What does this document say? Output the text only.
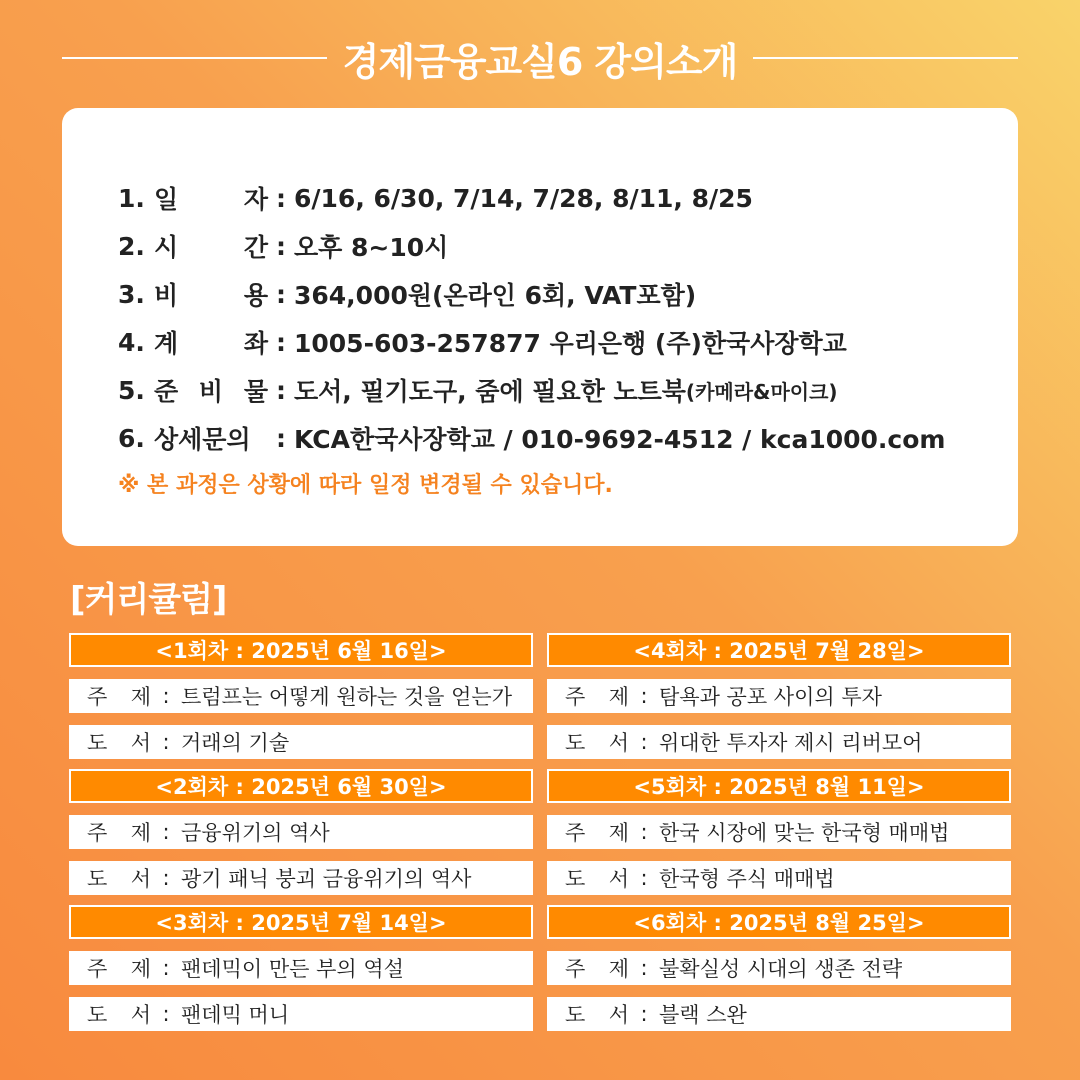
경제금융교실6 강의소개
1. 일	자 : 6/16, 6/30, 7/14, 7/28, 8/11, 8/25
2. 시	간 : 오후 8~10시
3. 비	용 : 364,000원(온라인 6회, VAT포함)
4. 계	좌 : 1005-603-257877 우리은행 (주)한국사장학교
5. 준 비 물 : 도서, 필기도구, 줌에 필요한 노트북 (카메라&마이크)
6. 상세문의	: KCA한국사장학교 / 010-9692-4512 / kca1000.com
※ 본 과정은 상황에 따라 일정 변경될 수 있습니다.
[커리큘럼]
<1회차 : 2025년 6월 16일>
주 제 : 트럼프는 어떻게 원하는 것을 얻는가
도 서 : 거래의 기술
<2회차 : 2025년 6월 30일>
주 제 : 금융위기의 역사
도 서 : 광기 패닉 붕괴 금융위기의 역사
<3회차 : 2025년 7월 14일>
주 제 : 팬데믹이 만든 부의 역설
도 서 : 팬데믹 머니
<4회차 : 2025년 7월 28일>
주 제 : 탐욕과 공포 사이의 투자
도 서 : 위대한 투자자 제시 리버모어
<5회차 : 2025년 8월 11일>
주 제 : 한국 시장에 맞는 한국형 매매법
도 서 : 한국형 주식 매매법
<6회차 : 2025년 8월 25일>
주 제 : 불확실성 시대의 생존 전략
도 서 : 블랙 스완
